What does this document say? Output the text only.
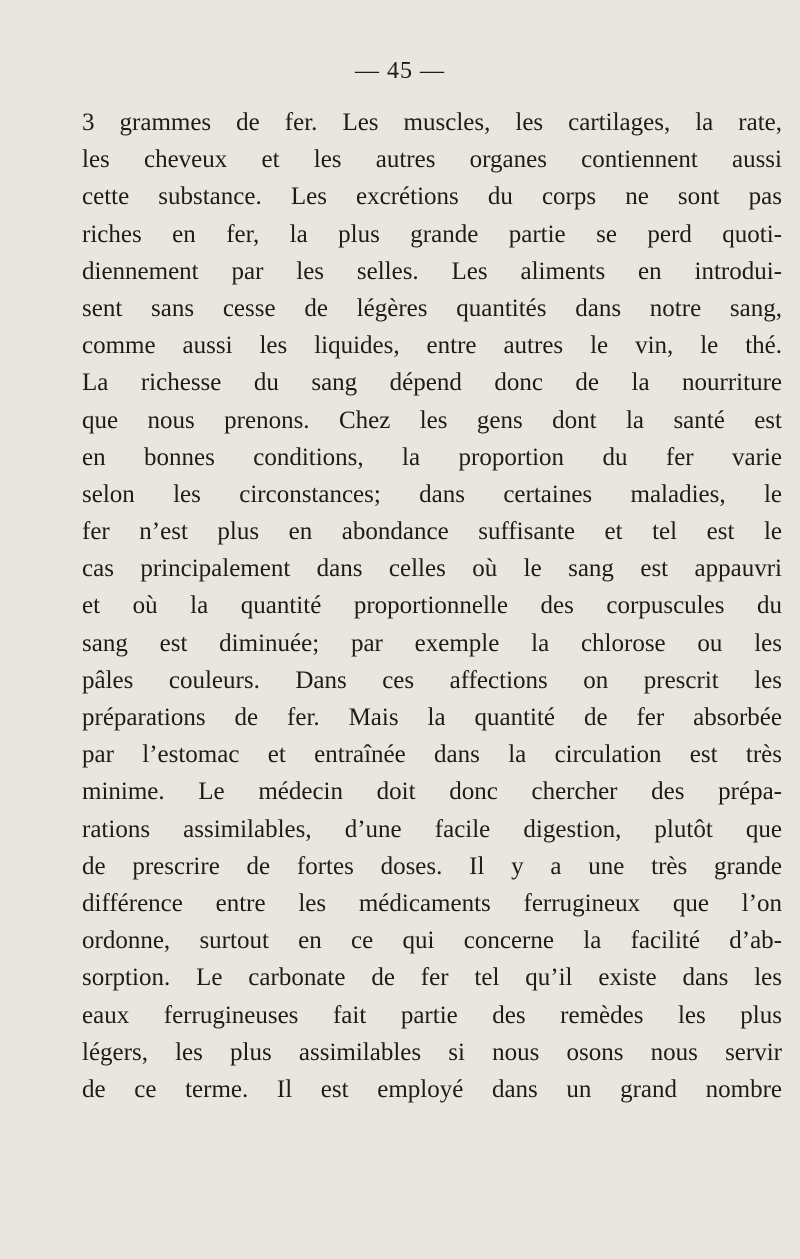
— 45 —
3 grammes de fer. Les muscles, les cartilages, la rate,
les cheveux et les autres organes contiennent aussi
cette substance. Les excrétions du corps ne sont pas
riches en fer, la plus grande partie se perd quoti-
diennement par les selles. Les aliments en introdui-
sent sans cesse de légères quantités dans notre sang,
comme aussi les liquides, entre autres le vin, le thé.
La richesse du sang dépend donc de la nourriture
que nous prenons. Chez les gens dont la santé est
en bonnes conditions, la proportion du fer varie
selon les circonstances; dans certaines maladies, le
fer n’est plus en abondance suffisante et tel est le
cas principalement dans celles où le sang est appauvri
et où la quantité proportionnelle des corpuscules du
sang est diminuée; par exemple la chlorose ou les
pâles couleurs. Dans ces affections on prescrit les
préparations de fer. Mais la quantité de fer absorbée
par l’estomac et entraînée dans la circulation est très
minime. Le médecin doit donc chercher des prépa-
rations assimilables, d’une facile digestion, plutôt que
de prescrire de fortes doses. Il y a une très grande
différence entre les médicaments ferrugineux que l’on
ordonne, surtout en ce qui concerne la facilité d’ab-
sorption. Le carbonate de fer tel qu’il existe dans les
eaux ferrugineuses fait partie des remèdes les plus
légers, les plus assimilables si nous osons nous servir
de ce terme. Il est employé dans un grand nombre
